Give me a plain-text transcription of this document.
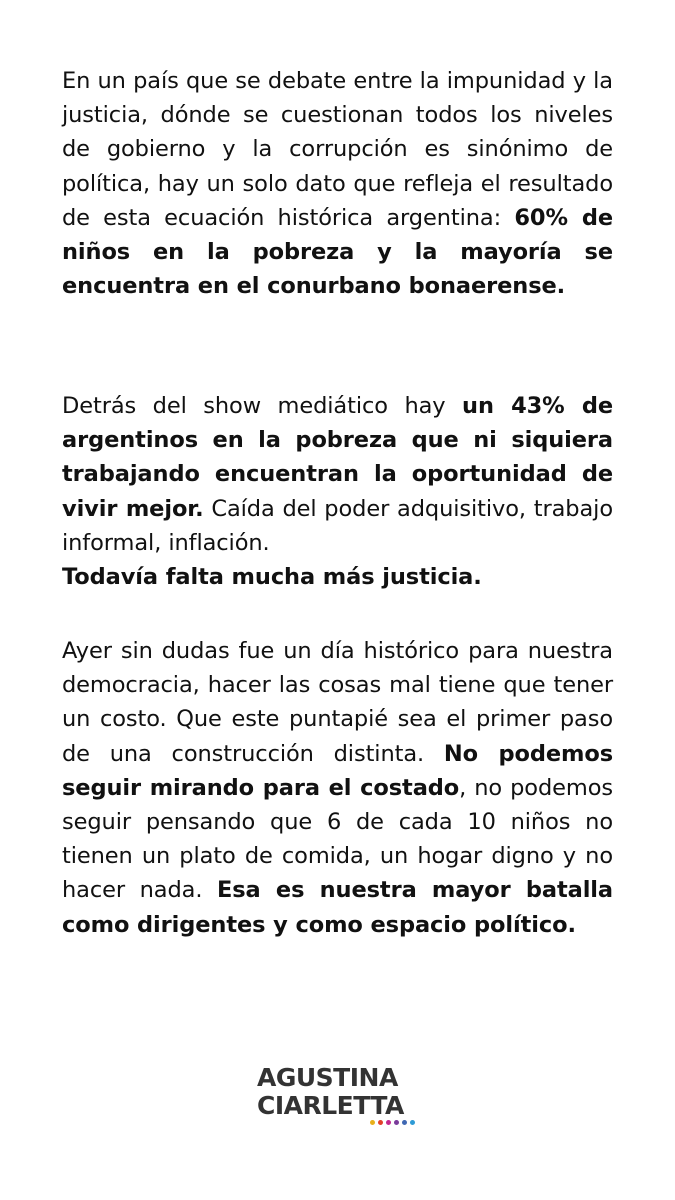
En un país que se debate entre la impunidad y la justicia, dónde se cuestionan todos los niveles de gobierno y la corrupción es sinónimo de política, hay un solo dato que refleja el resultado de esta ecuación histórica argentina: 60% de niños en la pobreza y la mayoría se encuentra en el conurbano bonaerense.

Detrás del show mediático hay un 43% de argentinos en la pobreza que ni siquiera trabajando encuentran la oportunidad de vivir mejor. Caída del poder adquisitivo, trabajo informal, inflación.
Todavía falta mucha más justicia.

Ayer sin dudas fue un día histórico para nuestra democracia, hacer las cosas mal tiene que tener un costo. Que este puntapié sea el primer paso de una construcción distinta. No podemos seguir mirando para el costado, no podemos seguir pensando que 6 de cada 10 niños no tienen un plato de comida, un hogar digno y no hacer nada. Esa es nuestra mayor batalla como dirigentes y como espacio político.

AGUSTINA
CIARLETTA
